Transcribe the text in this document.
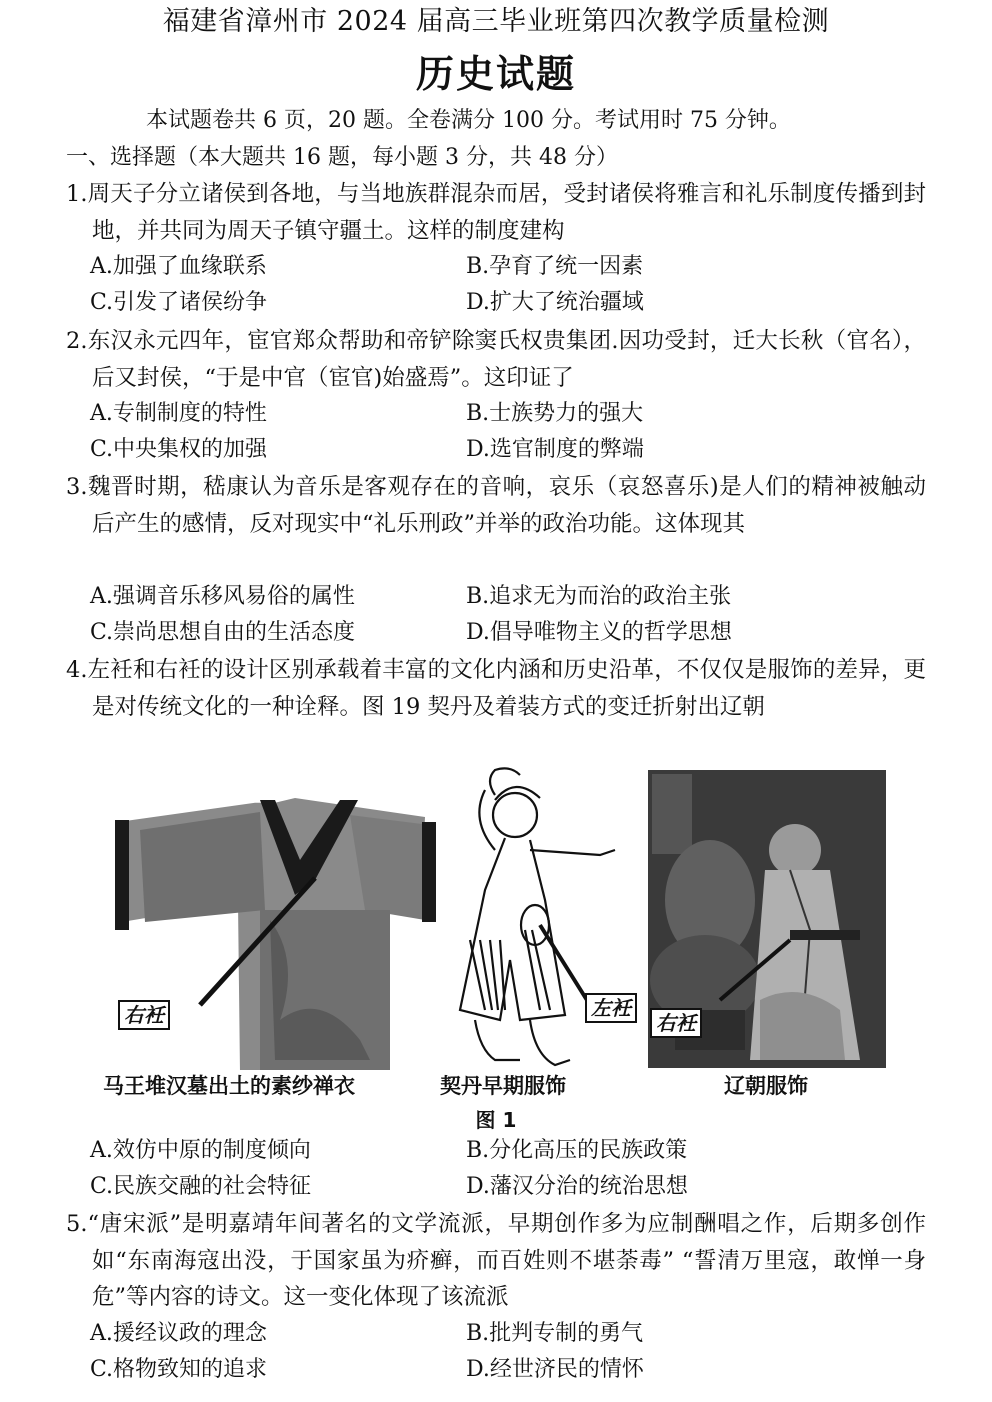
福建省漳州市 2024 届高三毕业班第四次教学质量检测
历史试题
本试题卷共 6 页，20 题。全卷满分 100 分。考试用时 75 分钟。
一、选择题（本大题共 16 题，每小题 3 分，共 48 分）
1.周天子分立诸侯到各地，与当地族群混杂而居，受封诸侯将雅言和礼乐制度传播到封地，并共同为周天子镇守疆土。这样的制度建构
A.加强了血缘联系	B.孕育了统一因素
C.引发了诸侯纷争	D.扩大了统治疆域
2.东汉永元四年，宦官郑众帮助和帝铲除窦氏权贵集团.因功受封，迁大长秋（官名），后又封侯，“于是中官（宦官)始盛焉”。这印证了
A.专制制度的特性	B.士族势力的强大
C.中央集权的加强	D.选官制度的弊端
3.魏晋时期，嵇康认为音乐是客观存在的音响，哀乐（哀怒喜乐)是人们的精神被触动后产生的感情，反对现实中“礼乐刑政”并举的政治功能。这体现其
A.强调音乐移风易俗的属性	B.追求无为而治的政治主张
C.崇尚思想自由的生活态度	D.倡导唯物主义的哲学思想
4.左衽和右衽的设计区别承载着丰富的文化内涵和历史沿革，不仅仅是服饰的差异，更是对传统文化的一种诠释。图 19 契丹及着装方式的变迁折射出辽朝
右衽	左衽
右衽
马王堆汉墓出土的素纱禅衣	契丹早期服饰	辽朝服饰
图 1
A.效仿中原的制度倾向	B.分化高压的民族政策
C.民族交融的社会特征	D.藩汉分治的统治思想
5.“唐宋派”是明嘉靖年间著名的文学流派，早期创作多为应制酬唱之作，后期多创作如“东南海寇出没，于国家虽为疥癣，而百姓则不堪荼毒” “誓清万里寇，敢惮一身危”等内容的诗文。这一变化体现了该流派
A.援经议政的理念	B.批判专制的勇气
C.格物致知的追求	D.经世济民的情怀
